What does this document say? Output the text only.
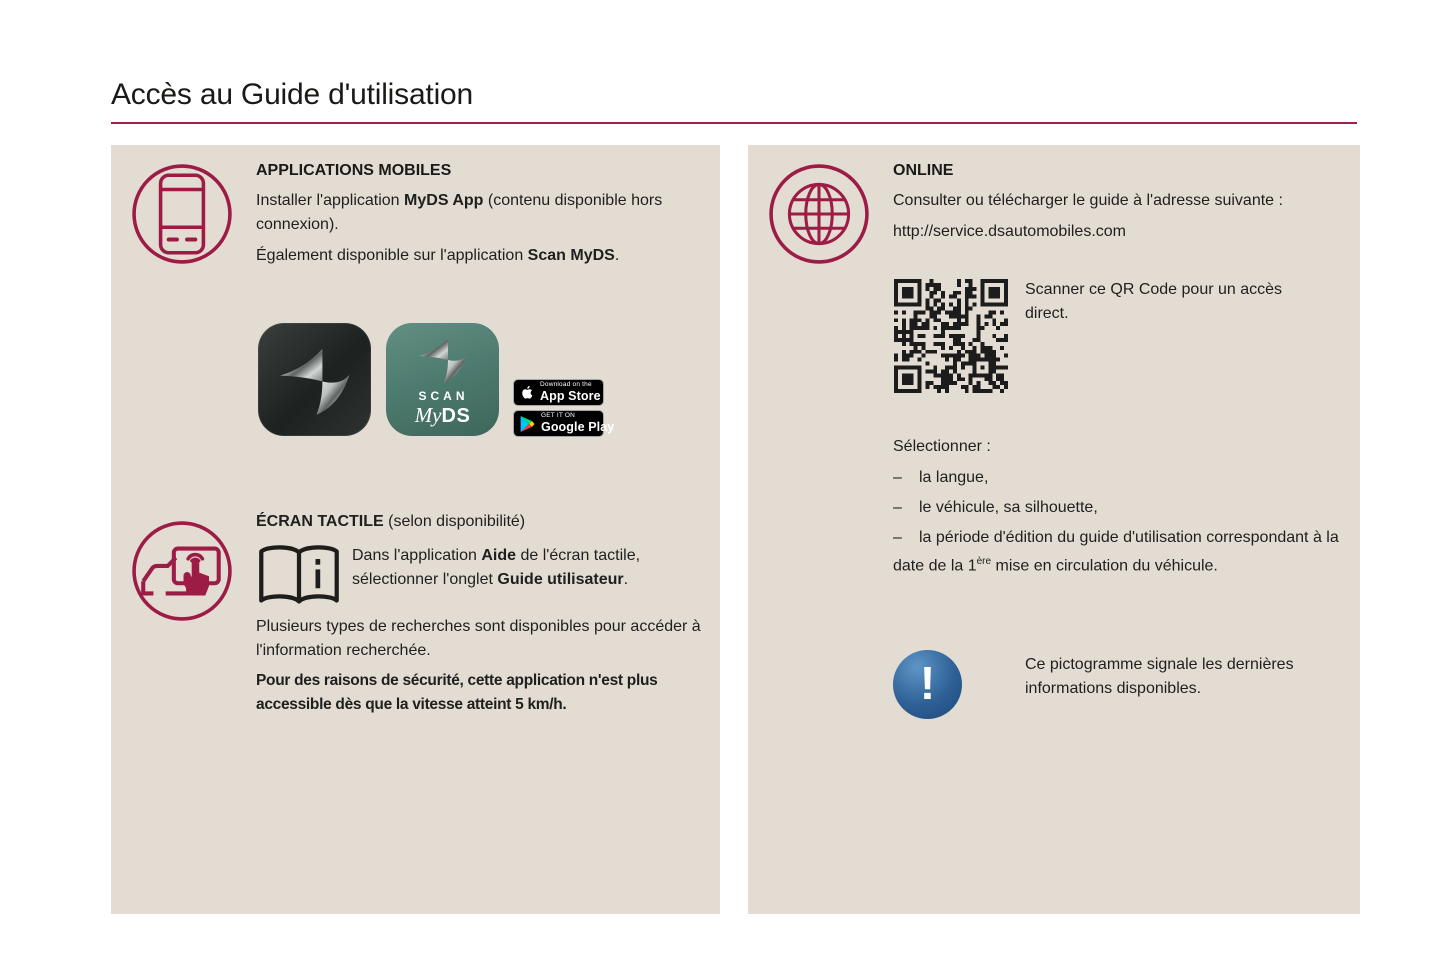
Accès au Guide d'utilisation
APPLICATIONS MOBILES

Installer l'application MyDS App (contenu disponible hors connexion).

Également disponible sur l'application Scan MyDS.

SCAN
MyDS
Download on the
App Store
GET IT ON
Google Play
ÉCRAN TACTILE (selon disponibilité)
Dans l'application Aide de l'écran tactile, sélectionner l'onglet Guide utilisateur.
Plusieurs types de recherches sont disponibles pour accéder à l'information recherchée.
Pour des raisons de sécurité, cette application n'est plus accessible dès que la vitesse atteint 5 km/h.
ONLINE

Consulter ou télécharger le guide à l'adresse suivante :

http://service.dsautomobiles.com

Scanner ce QR Code pour un accès direct.

Sélectionner :

– la langue,
– le véhicule, sa silhouette,
– la période d'édition du guide d'utilisation correspondant à la date de la 1ère mise en circulation du véhicule.
!	Ce pictogramme signale les dernières informations disponibles.
